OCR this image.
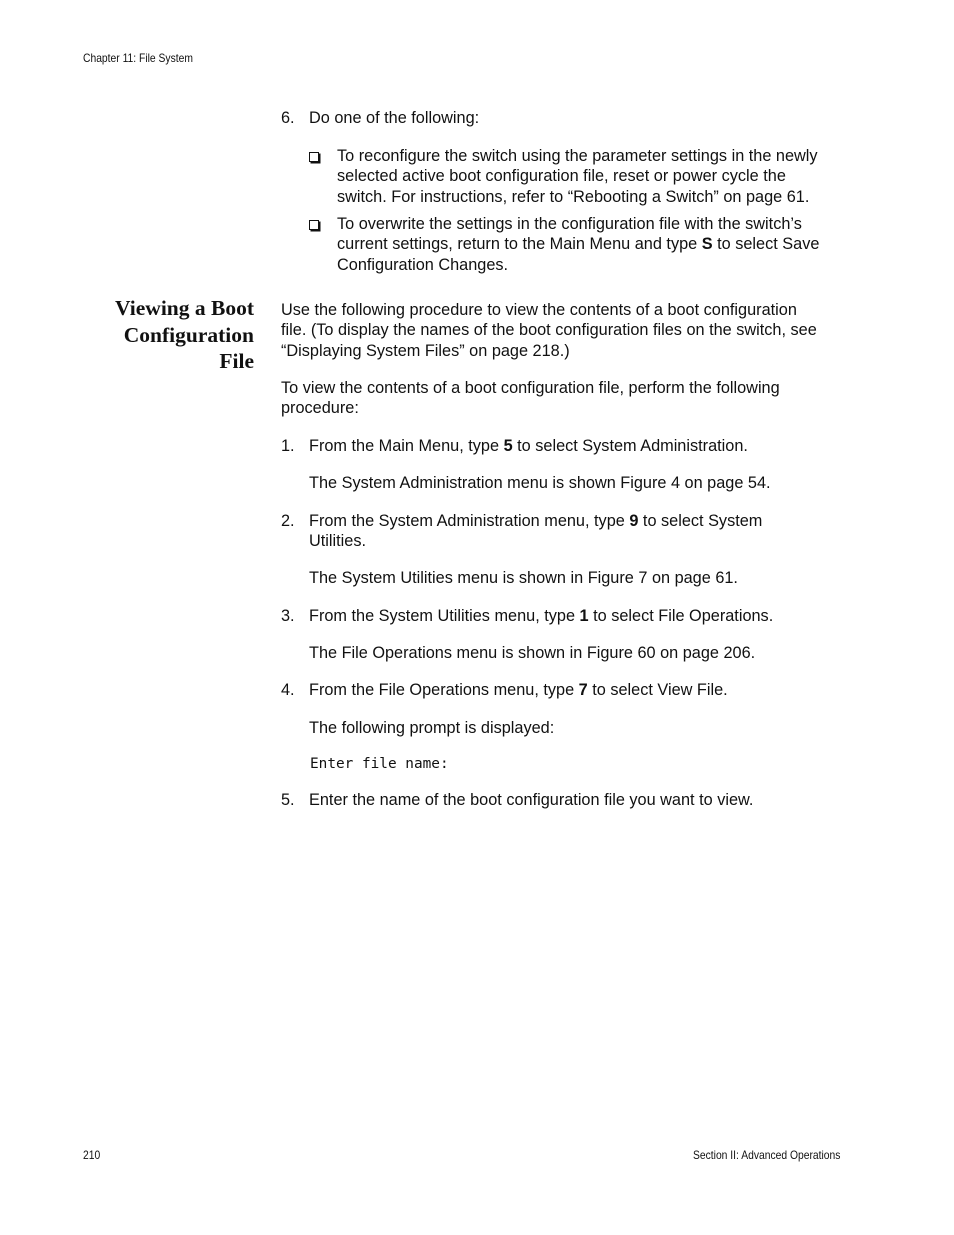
Chapter 11: File System
6. Do one of the following:
To reconfigure the switch using the parameter settings in the newly
selected active boot configuration file, reset or power cycle the
switch. For instructions, refer to “Rebooting a Switch” on page 61.
To overwrite the settings in the configuration file with the switch’s
current settings, return to the Main Menu and type S to select Save
Configuration Changes.
Viewing a Boot
Configuration
File
Use the following procedure to view the contents of a boot configuration
file. (To display the names of the boot configuration files on the switch, see
“Displaying System Files” on page 218.)
To view the contents of a boot configuration file, perform the following
procedure:
1. From the Main Menu, type 5 to select System Administration.
The System Administration menu is shown Figure 4 on page 54.
2. From the System Administration menu, type 9 to select System
Utilities.
The System Utilities menu is shown in Figure 7 on page 61.
3. From the System Utilities menu, type 1 to select File Operations.
The File Operations menu is shown in Figure 60 on page 206.
4. From the File Operations menu, type 7 to select View File.
The following prompt is displayed:
Enter file name:
5. Enter the name of the boot configuration file you want to view.
210	Section II: Advanced Operations
